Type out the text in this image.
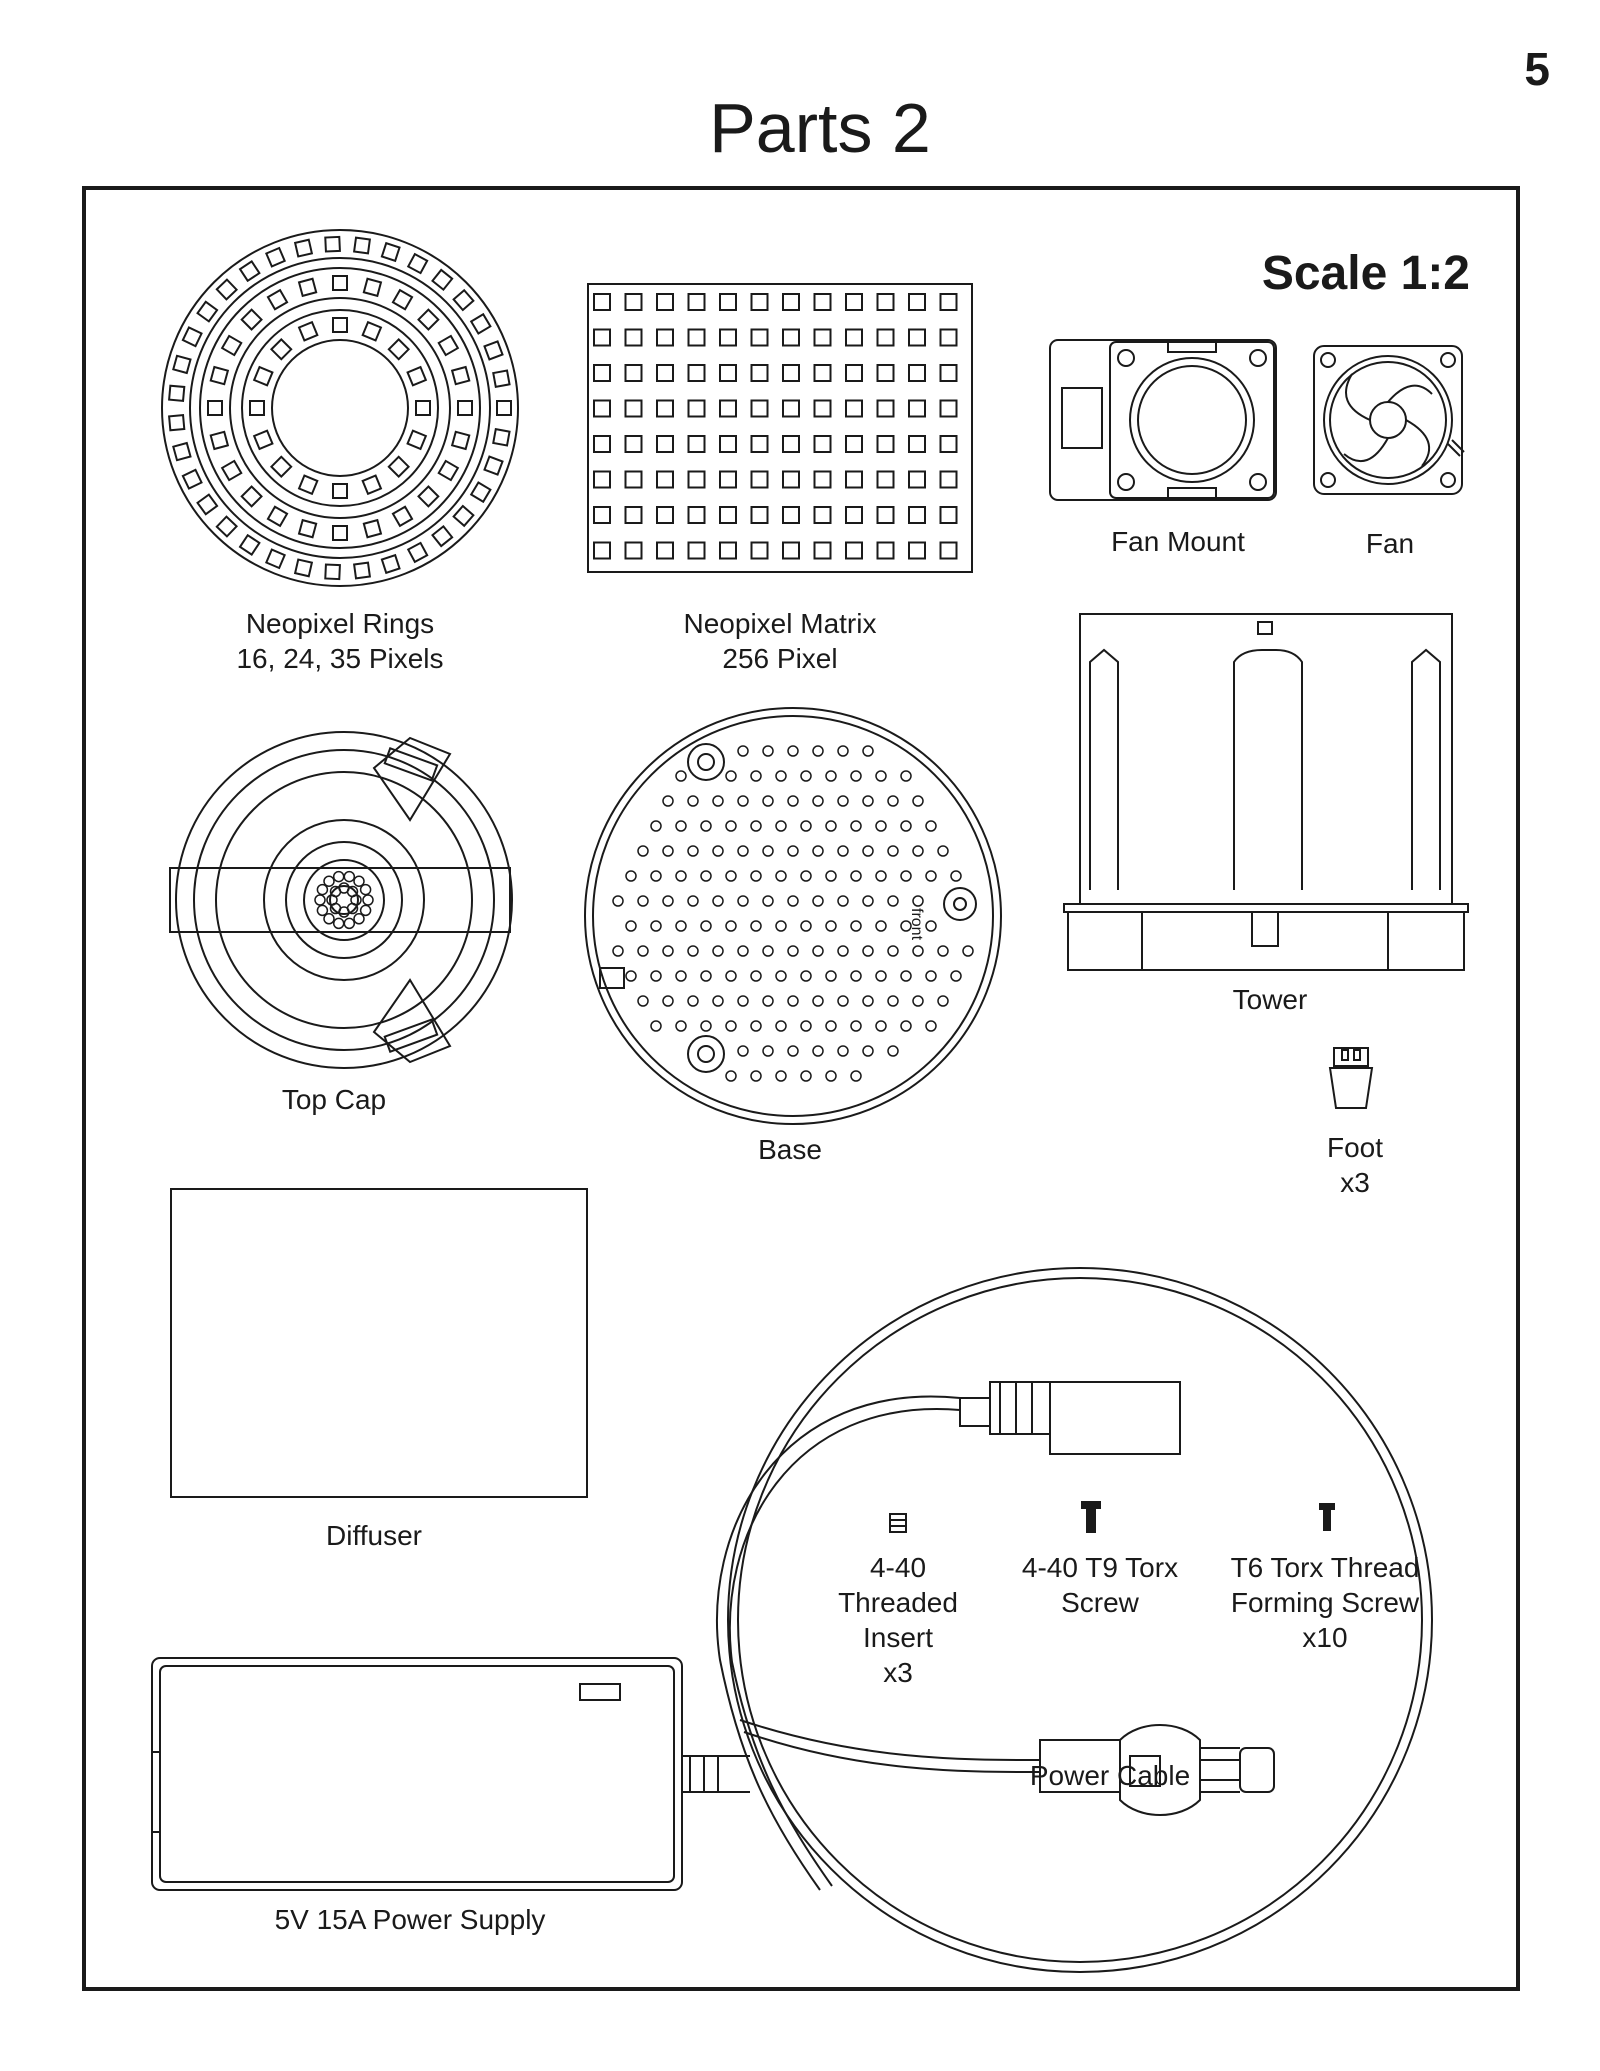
5
Parts 2
Scale 1:2
Neopixel Rings
16, 24, 35 Pixels
Neopixel Matrix
256 Pixel
Fan Mount	Fan
Tower
Top Cap
front
Base	Foot
x3
Diffuser
Power Cable
4-40
Threaded
Insert
x3
4-40 T9 Torx
Screw
T6 Torx Thread
Forming Screw
x10
5V 15A Power Supply
